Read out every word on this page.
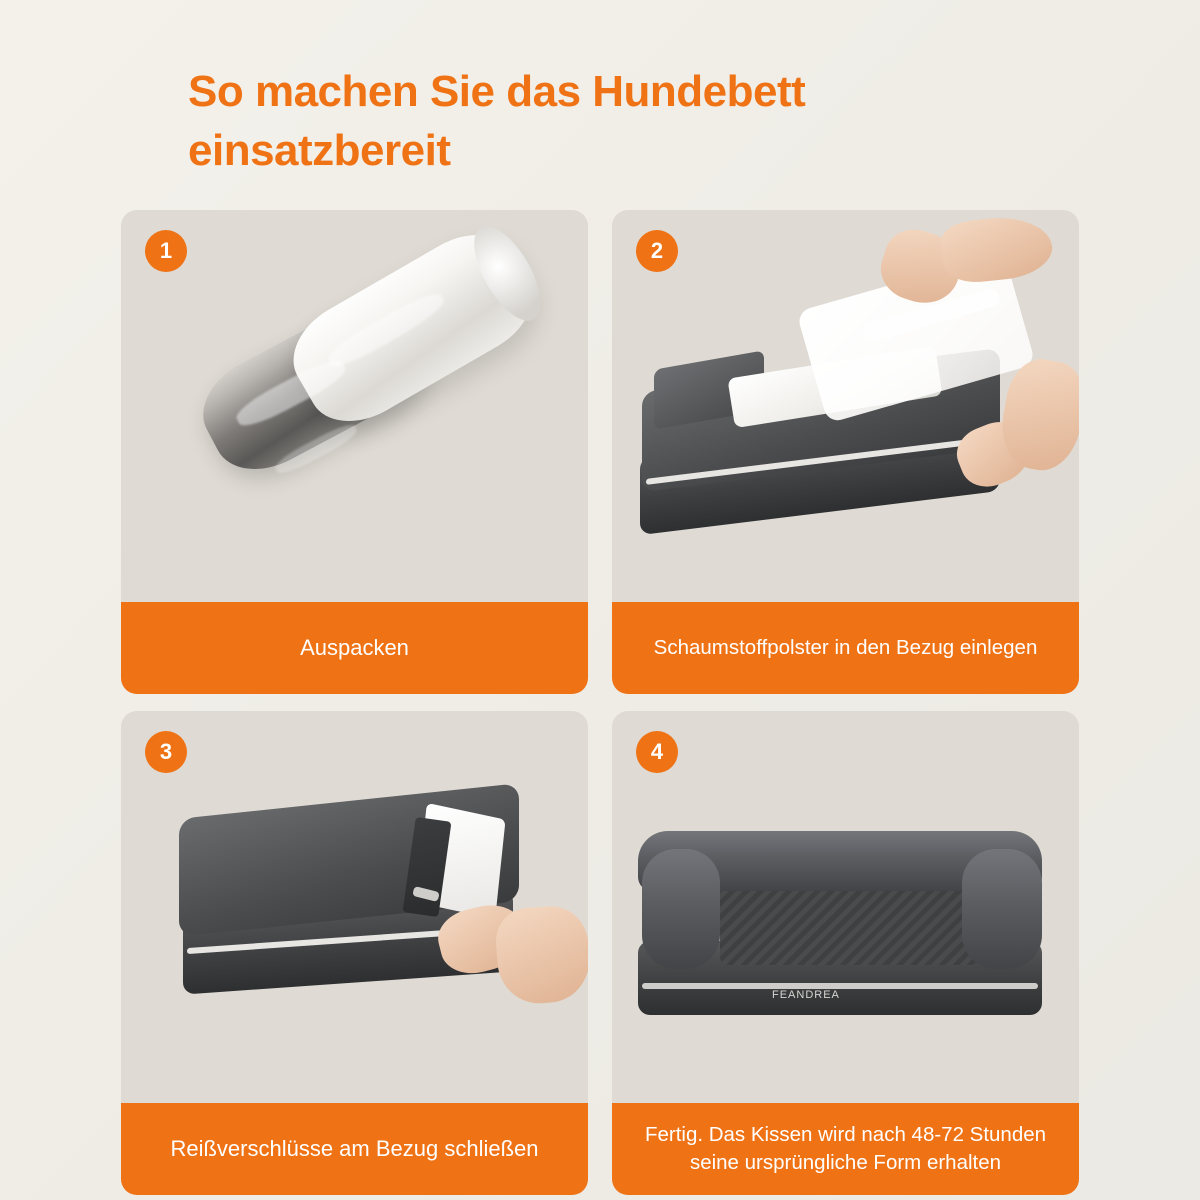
So machen Sie das Hundebett einsatzbereit
1
Auspacken
2
Schaumstoffpolster in den Bezug einlegen
3
Reißverschlüsse am Bezug schließen
4
FEANDREA
Fertig. Das Kissen wird nach 48-72 Stunden seine ursprüngliche Form erhalten
